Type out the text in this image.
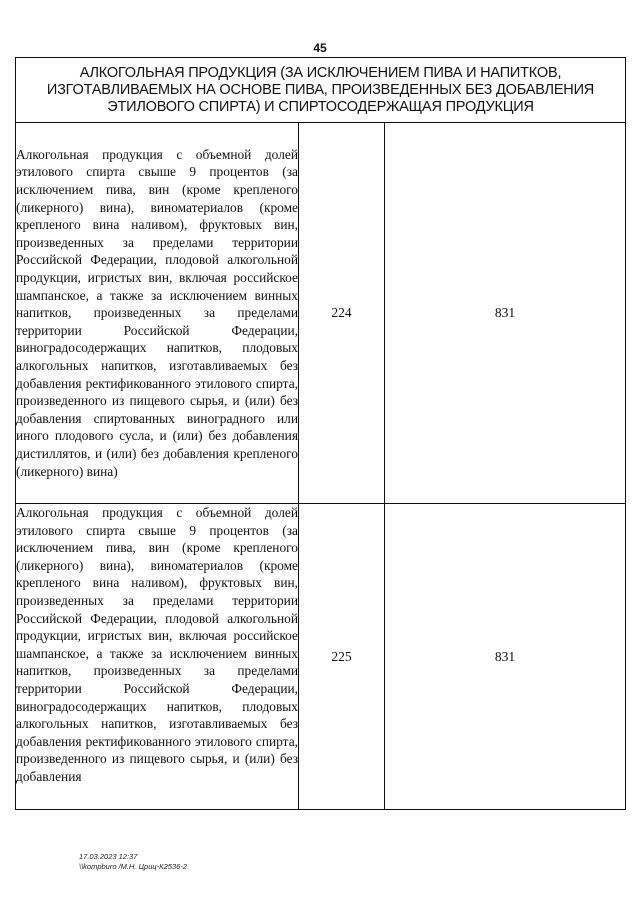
45
АЛКОГОЛЬНАЯ ПРОДУКЦИЯ (ЗА ИСКЛЮЧЕНИЕМ ПИВА И НАПИТКОВ, ИЗГОТАВЛИВАЕМЫХ НА ОСНОВЕ ПИВА, ПРОИЗВЕДЕННЫХ БЕЗ ДОБАВЛЕНИЯ ЭТИЛОВОГО СПИРТА) И СПИРТОСОДЕРЖАЩАЯ ПРОДУКЦИЯ		
Алкогольная продукция с объемной долей этилового спирта свыше 9 процентов (за исключением пива, вин (кроме крепленого (ликерного) вина), виноматериалов (кроме крепленого вина наливом), фруктовых вин, произведенных за пределами территории Российской Федерации, плодовой алкогольной продукции, игристых вин, включая российское шампанское, а также за исключением винных напитков, произведенных за пределами территории Российской Федерации, виноградосодержащих напитков, плодовых алкогольных напитков, изготавливаемых без добавления ректификованного этилового спирта, произведенного из пищевого сырья, и (или) без добавления спиртованных виноградного или иного плодового сусла, и (или) без добавления дистиллятов, и (или) без добавления крепленого (ликерного) вина)	224	831

Алкогольная продукция с объемной долей этилового спирта свыше 9 процентов (за исключением пива, вин (кроме крепленого (ликерного) вина), виноматериалов (кроме крепленого вина наливом), фруктовых вин, произведенных за пределами территории Российской Федерации, плодовой алкогольной продукции, игристых вин, включая российское шампанское, а также за исключением винных напитков, произведенных за пределами территории Российской Федерации, виноградосодержащих напитков, плодовых алкогольных напитков, изготавливаемых без добавления ректификованного этилового спирта, произведенного из пищевого сырья, и (или) без добавления	225	831
17.03.2023 12:37
\\kompburo /М.Н. Цриц-К2536-2
